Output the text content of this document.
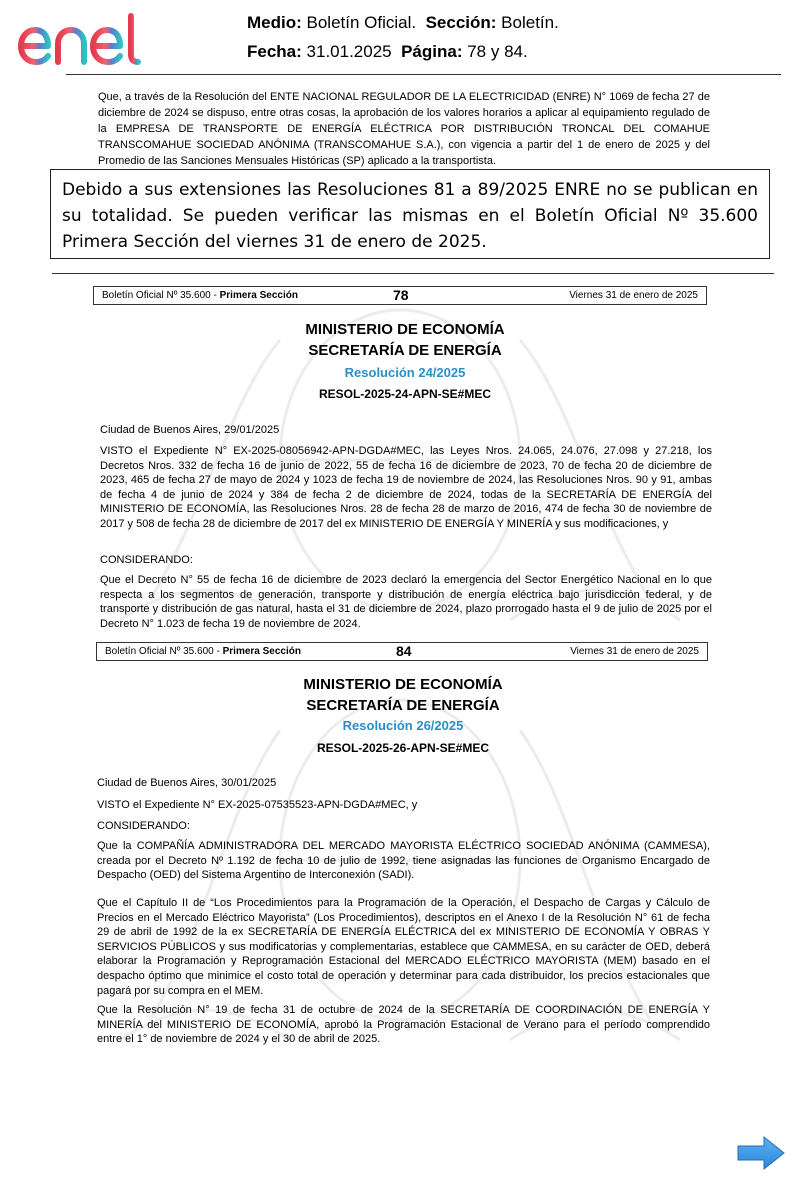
Medio: Boletín Oficial. Sección: Boletín.
Fecha: 31.01.2025 Página: 78 y 84.
Que, a través de la Resolución del ENTE NACIONAL REGULADOR DE LA ELECTRICIDAD (ENRE) N° 1069 de fecha 27 de diciembre de 2024 se dispuso, entre otras cosas, la aprobación de los valores horarios a aplicar al equipamiento regulado de la EMPRESA DE TRANSPORTE DE ENERGÍA ELÉCTRICA POR DISTRIBUCIÓN TRONCAL DEL COMAHUE TRANSCOMAHUE SOCIEDAD ANÓNIMA (TRANSCOMAHUE S.A.), con vigencia a partir del 1 de enero de 2025 y del Promedio de las Sanciones Mensuales Históricas (SP) aplicado a la transportista.
Debido a sus extensiones las Resoluciones 81 a 89/2025 ENRE no se publican en su totalidad. Se pueden verificar las mismas en el Boletín Oficial Nº 35.600 Primera Sección del viernes 31 de enero de 2025.
Boletín Oficial Nº 35.600 - Primera Sección	78	Viernes 31 de enero de 2025
MINISTERIO DE ECONOMÍA
SECRETARÍA DE ENERGÍA
Resolución 24/2025
RESOL-2025-24-APN-SE#MEC
Ciudad de Buenos Aires, 29/01/2025
VISTO el Expediente N° EX-2025-08056942-APN-DGDA#MEC, las Leyes Nros. 24.065, 24.076, 27.098 y 27.218, los Decretos Nros. 332 de fecha 16 de junio de 2022, 55 de fecha 16 de diciembre de 2023, 70 de fecha 20 de diciembre de 2023, 465 de fecha 27 de mayo de 2024 y 1023 de fecha 19 de noviembre de 2024, las Resoluciones Nros. 90 y 91, ambas de fecha 4 de junio de 2024 y 384 de fecha 2 de diciembre de 2024, todas de la SECRETARÍA DE ENERGÍA del MINISTERIO DE ECONOMÍA, las Resoluciones Nros. 28 de fecha 28 de marzo de 2016, 474 de fecha 30 de noviembre de 2017 y 508 de fecha 28 de diciembre de 2017 del ex MINISTERIO DE ENERGÍA Y MINERÍA y sus modificaciones, y
CONSIDERANDO:
Que el Decreto N° 55 de fecha 16 de diciembre de 2023 declaró la emergencia del Sector Energético Nacional en lo que respecta a los segmentos de generación, transporte y distribución de energía eléctrica bajo jurisdicción federal, y de transporte y distribución de gas natural, hasta el 31 de diciembre de 2024, plazo prorrogado hasta el 9 de julio de 2025 por el Decreto N° 1.023 de fecha 19 de noviembre de 2024.
Boletín Oficial Nº 35.600 - Primera Sección	84	Viernes 31 de enero de 2025
MINISTERIO DE ECONOMÍA
SECRETARÍA DE ENERGÍA
Resolución 26/2025
RESOL-2025-26-APN-SE#MEC
Ciudad de Buenos Aires, 30/01/2025
VISTO el Expediente N° EX-2025-07535523-APN-DGDA#MEC, y
CONSIDERANDO:
Que la COMPAÑÍA ADMINISTRADORA DEL MERCADO MAYORISTA ELÉCTRICO SOCIEDAD ANÓNIMA (CAMMESA), creada por el Decreto Nº 1.192 de fecha 10 de julio de 1992, tiene asignadas las funciones de Organismo Encargado de Despacho (OED) del Sistema Argentino de Interconexión (SADI).
Que el Capítulo II de “Los Procedimientos para la Programación de la Operación, el Despacho de Cargas y Cálculo de Precios en el Mercado Eléctrico Mayorista” (Los Procedimientos), descriptos en el Anexo I de la Resolución N° 61 de fecha 29 de abril de 1992 de la ex SECRETARÍA DE ENERGÍA ELÉCTRICA del ex MINISTERIO DE ECONOMÍA Y OBRAS Y SERVICIOS PÚBLICOS y sus modificatorias y complementarias, establece que CAMMESA, en su carácter de OED, deberá elaborar la Programación y Reprogramación Estacional del MERCADO ELÉCTRICO MAYORISTA (MEM) basado en el despacho óptimo que minimice el costo total de operación y determinar para cada distribuidor, los precios estacionales que pagará por su compra en el MEM.
Que la Resolución N° 19 de fecha 31 de octubre de 2024 de la SECRETARÍA DE COORDINACIÓN DE ENERGÍA Y MINERÍA del MINISTERIO DE ECONOMÍA, aprobó la Programación Estacional de Verano para el período comprendido entre el 1° de noviembre de 2024 y el 30 de abril de 2025.
